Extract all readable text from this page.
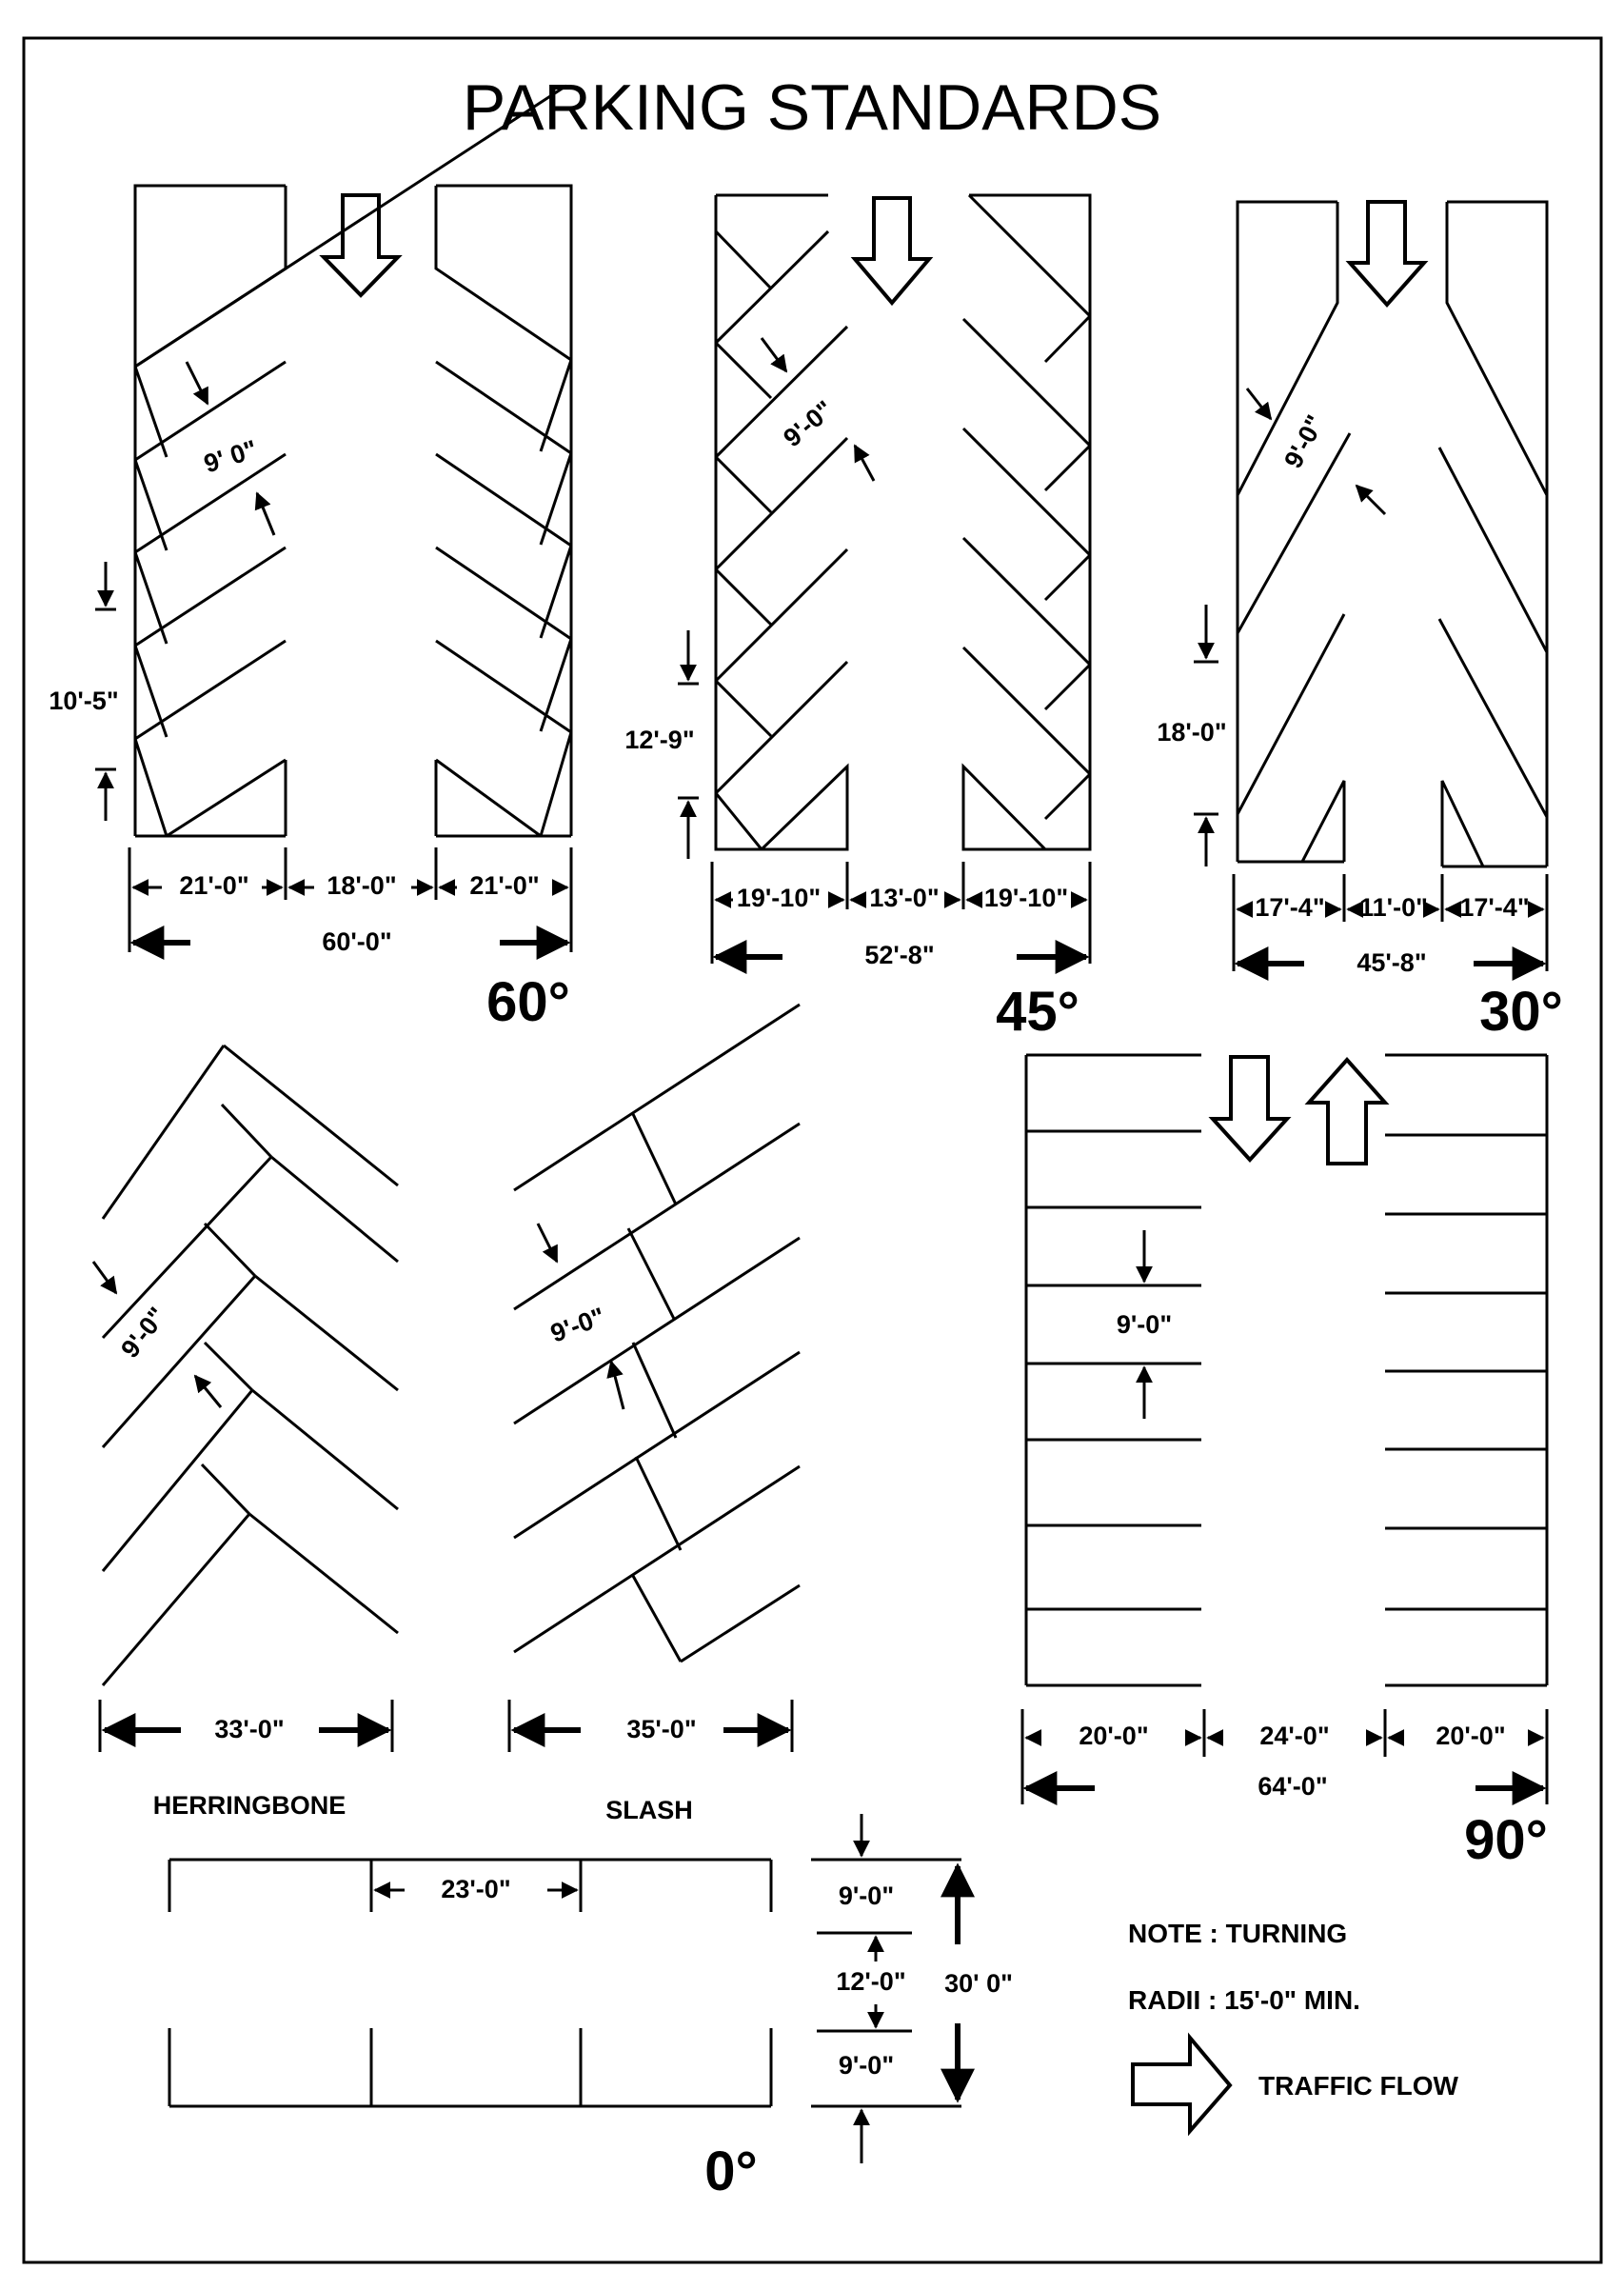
PARKING STANDARDS
21'-0"	18'-0"	21'-0"
60'-0"
10'-5"
9' 0"
60°
19'-10" 13'-0" 19'-10"
52'-8"
12'-9"
9'-0"
45°
17'-4" 11'-0" 17'-4"
45'-8"
18'-0"
9'-0"
30°
33'-0"
9'-0"
HERRINGBONE
35'-0"
9'-0"
SLASH
20'-0"	24'-0"	20'-0"
64'-0"
9'-0"
90°
23'-0"	9'-0"
12'-0" 30' 0"
9'-0"
0°
NOTE : TURNING
RADII : 15'-0" MIN.
TRAFFIC FLOW
